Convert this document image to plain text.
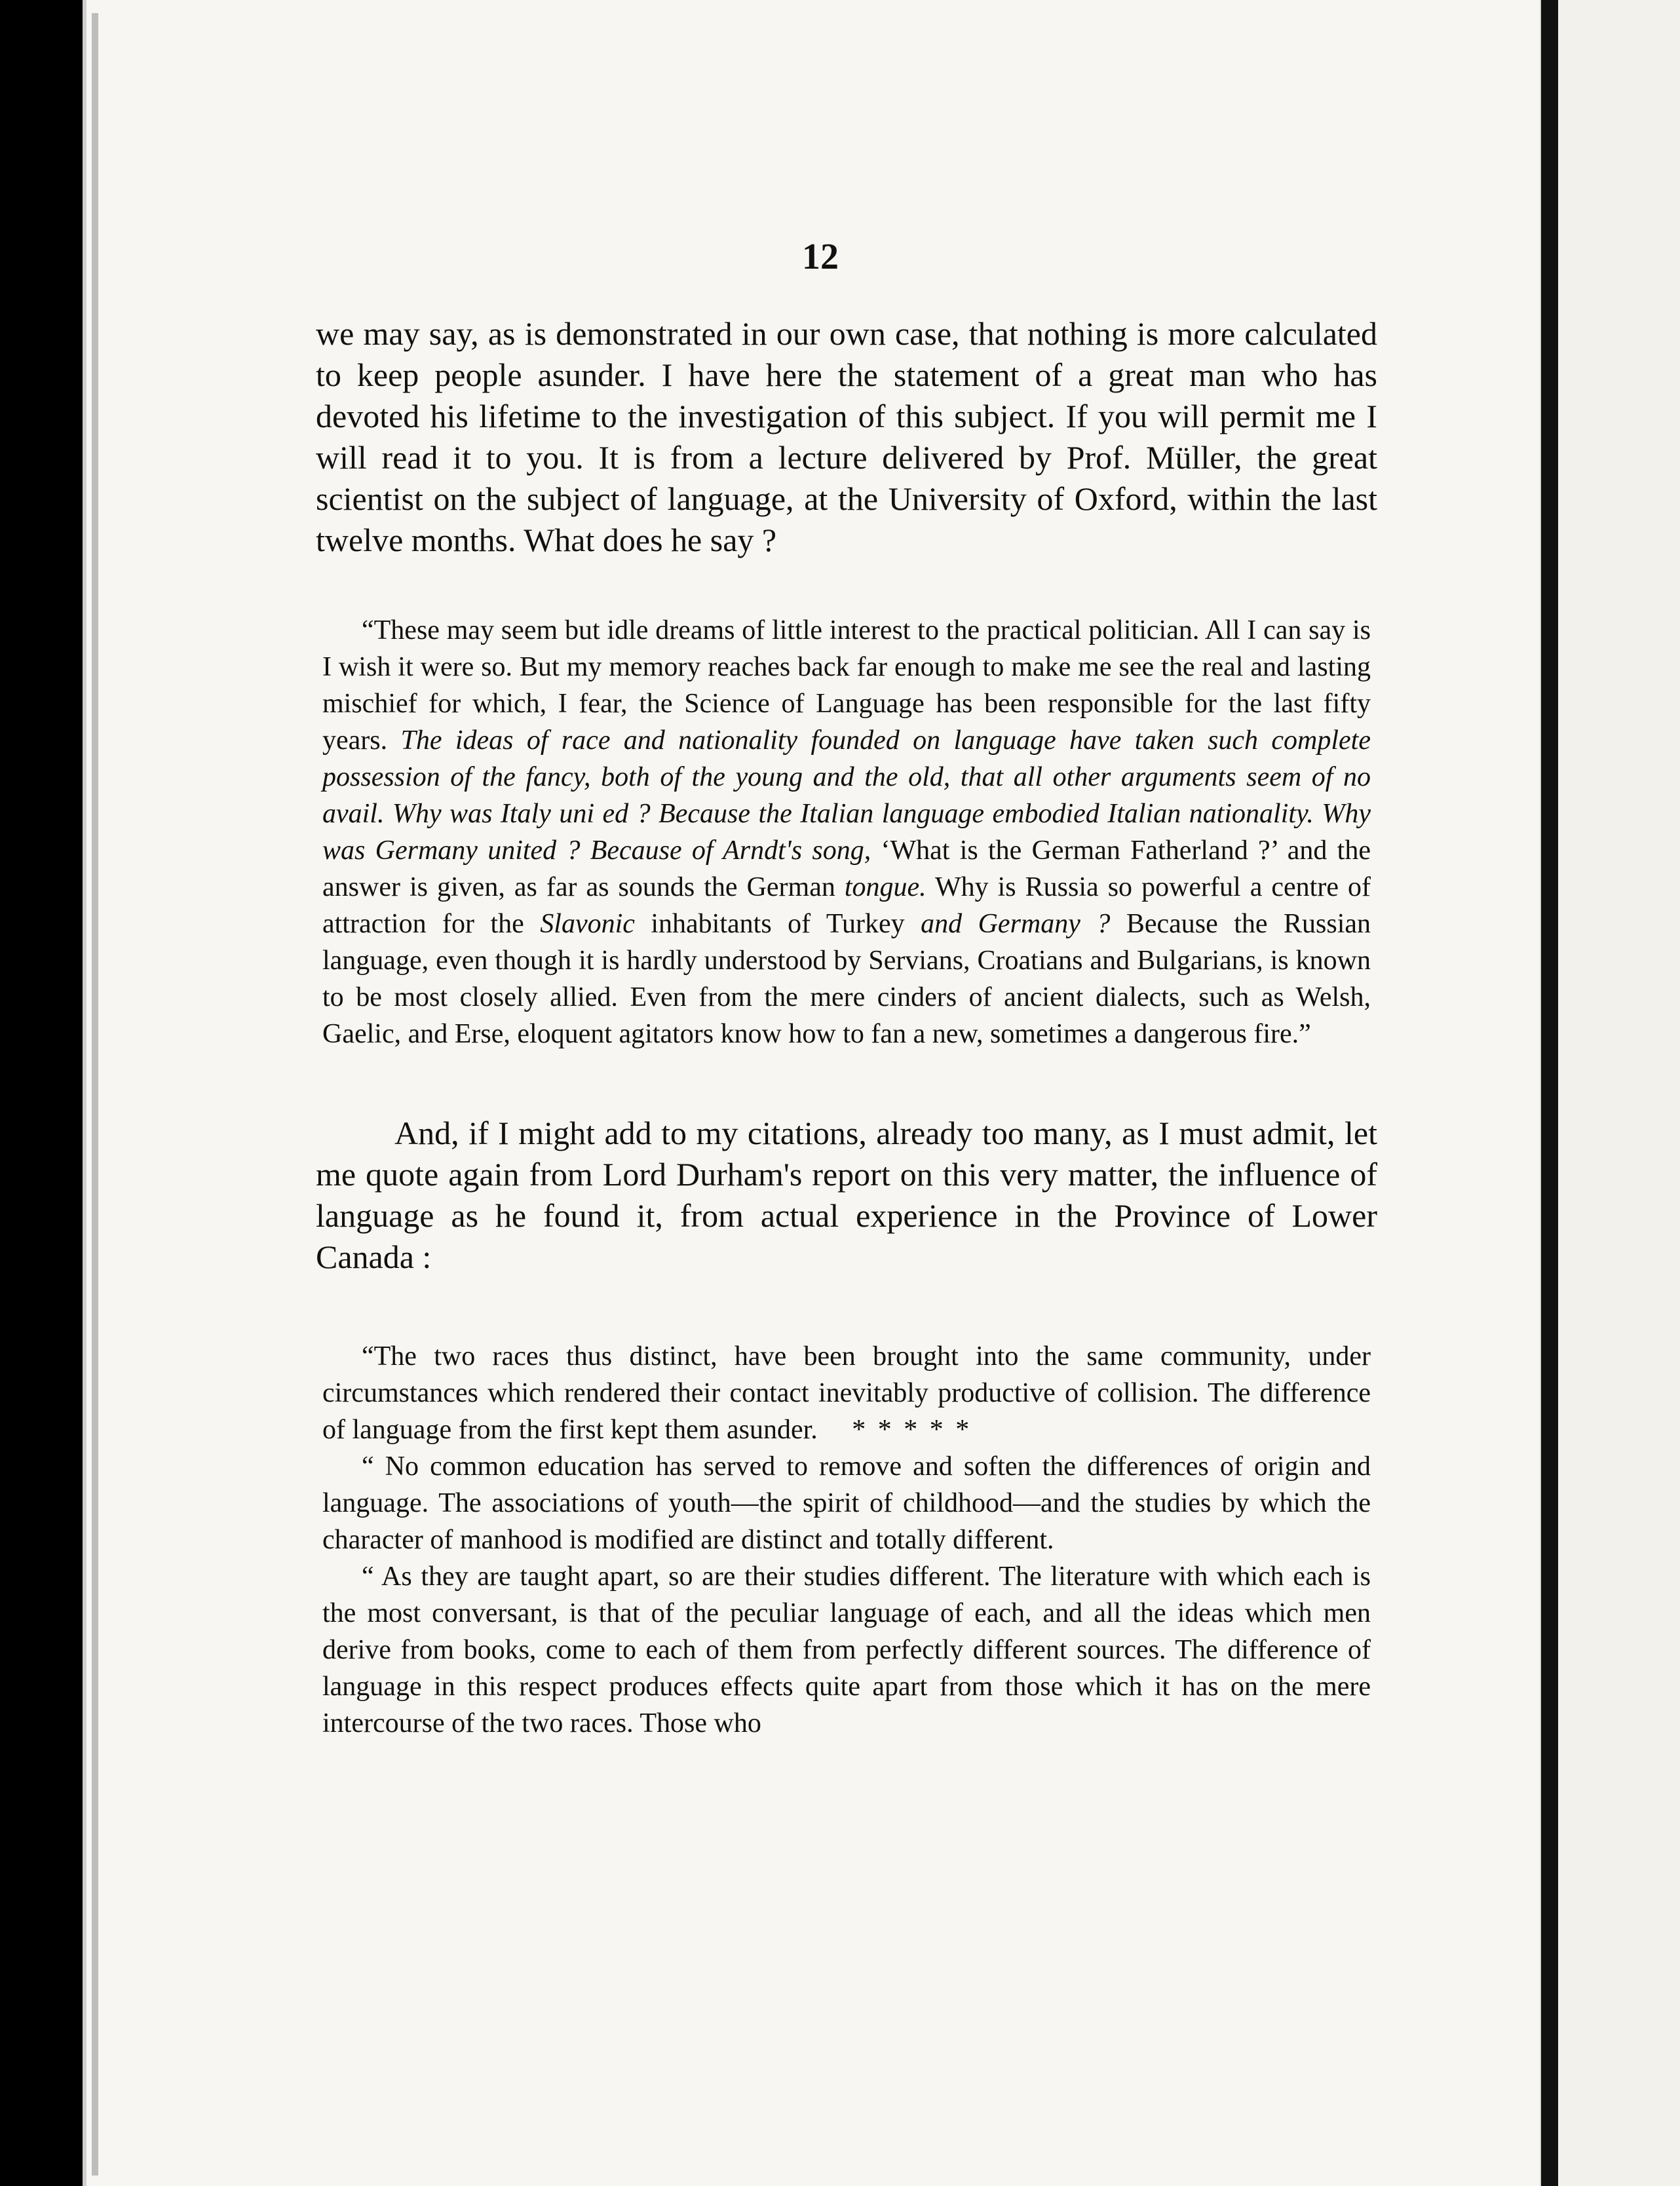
12

we may say, as is demonstrated in our own case, that nothing is more calculated to keep people asunder. I have here the statement of a great man who has devoted his lifetime to the investigation of this subject. If you will permit me I will read it to you. It is from a lecture delivered by Prof. Müller, the great scientist on the subject of language, at the University of Oxford, within the last twelve months. What does he say ?

“These may seem but idle dreams of little interest to the practical politician. All I can say is I wish it were so. But my memory reaches back far enough to make me see the real and lasting mischief for which, I fear, the Science of Language has been responsible for the last fifty years. The ideas of race and nationality founded on language have taken such complete possession of the fancy, both of the young and the old, that all other arguments seem of no avail. Why was Italy uni ed ? Because the Italian language embodied Italian nationality. Why was Germany united ? Because of Arndt's song, ‘What is the German Fatherland ?’ and the answer is given, as far as sounds the German tongue. Why is Russia so powerful a centre of attraction for the Slavonic inhabitants of Turkey and Germany ? Because the Russian language, even though it is hardly understood by Servians, Croatians and Bulgarians, is known to be most closely allied. Even from the mere cinders of ancient dialects, such as Welsh, Gaelic, and Erse, eloquent agitators know how to fan a new, sometimes a dangerous fire.”

And, if I might add to my citations, already too many, as I must admit, let me quote again from Lord Durham's report on this very matter, the influence of language as he found it, from actual experience in the Province of Lower Canada :

“The two races thus distinct, have been brought into the same community, under circumstances which rendered their contact inevitably productive of collision. The difference of language from the first kept them asunder. * * * * *

“ No common education has served to remove and soften the differences of origin and language. The associations of youth—the spirit of childhood—and the studies by which the character of manhood is modified are distinct and totally different.

“ As they are taught apart, so are their studies different. The literature with which each is the most conversant, is that of the peculiar language of each, and all the ideas which men derive from books, come to each of them from perfectly different sources. The difference of language in this respect produces effects quite apart from those which it has on the mere intercourse of the two races. Those who
